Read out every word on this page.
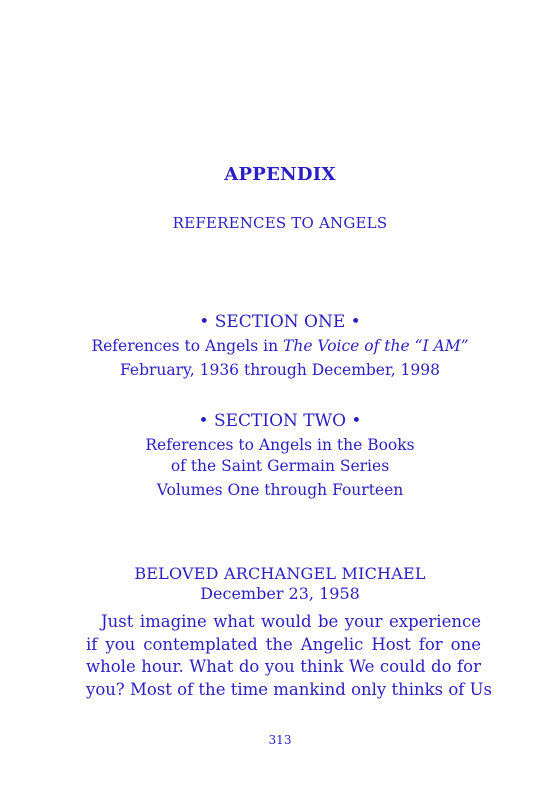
APPENDIX
REFERENCES TO ANGELS
• SECTION ONE •
References to Angels in The Voice of the “I AM”
February, 1936 through December, 1998
• SECTION TWO •
References to Angels in the Books
of the Saint Germain Series
Volumes One through Fourteen
BELOVED ARCHANGEL MICHAEL
December 23, 1958
Just imagine what would be your experience
if you contemplated the Angelic Host for one
whole hour. What do you think We could do for
you? Most of the time mankind only thinks of Us
313
